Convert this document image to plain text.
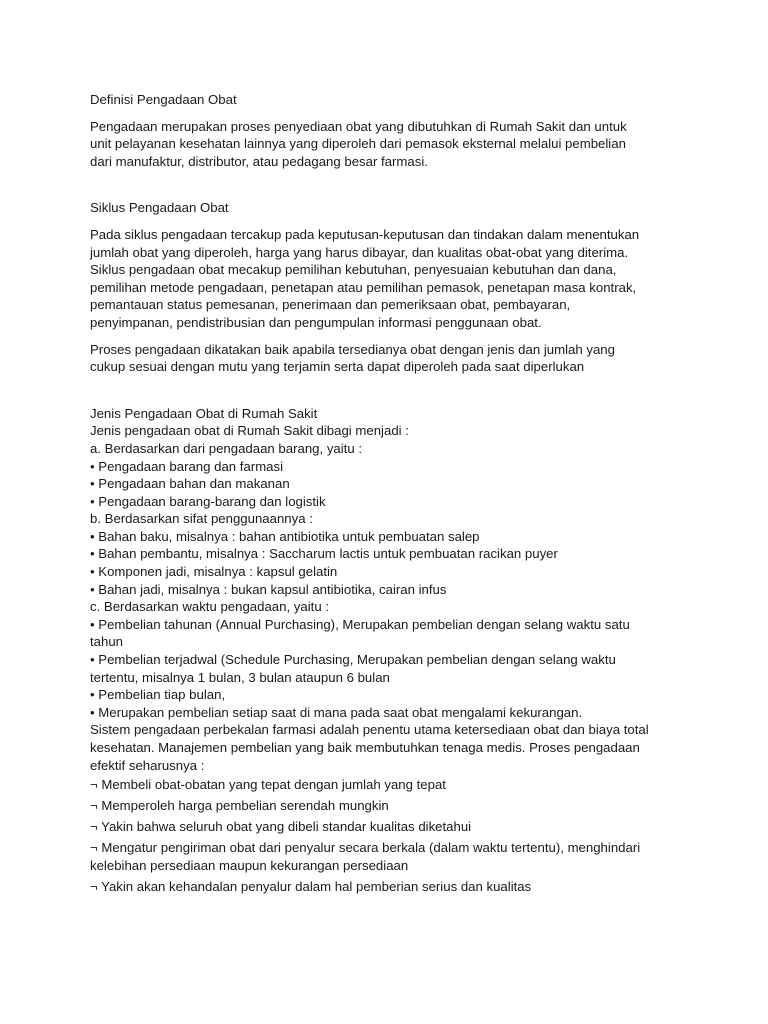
Definisi Pengadaan Obat

Pengadaan merupakan proses penyediaan obat yang dibutuhkan di Rumah Sakit dan untuk
unit pelayanan kesehatan lainnya yang diperoleh dari pemasok eksternal melalui pembelian
dari manufaktur, distributor, atau pedagang besar farmasi.

Siklus Pengadaan Obat

Pada siklus pengadaan tercakup pada keputusan-keputusan dan tindakan dalam menentukan
jumlah obat yang diperoleh, harga yang harus dibayar, dan kualitas obat-obat yang diterima.
Siklus pengadaan obat mecakup pemilihan kebutuhan, penyesuaian kebutuhan dan dana,
pemilihan metode pengadaan, penetapan atau pemilihan pemasok, penetapan masa kontrak,
pemantauan status pemesanan, penerimaan dan pemeriksaan obat, pembayaran,
penyimpanan, pendistribusian dan pengumpulan informasi penggunaan obat.

Proses pengadaan dikatakan baik apabila tersedianya obat dengan jenis dan jumlah yang
cukup sesuai dengan mutu yang terjamin serta dapat diperoleh pada saat diperlukan

Jenis Pengadaan Obat di Rumah Sakit
Jenis pengadaan obat di Rumah Sakit dibagi menjadi :
a. Berdasarkan dari pengadaan barang, yaitu :
• Pengadaan barang dan farmasi
• Pengadaan bahan dan makanan
• Pengadaan barang-barang dan logistik
b. Berdasarkan sifat penggunaannya :
• Bahan baku, misalnya : bahan antibiotika untuk pembuatan salep
• Bahan pembantu, misalnya : Saccharum lactis untuk pembuatan racikan puyer
• Komponen jadi, misalnya : kapsul gelatin
• Bahan jadi, misalnya : bukan kapsul antibiotika, cairan infus
c. Berdasarkan waktu pengadaan, yaitu :
• Pembelian tahunan (Annual Purchasing), Merupakan pembelian dengan selang waktu satu
tahun
• Pembelian terjadwal (Schedule Purchasing, Merupakan pembelian dengan selang waktu
tertentu, misalnya 1 bulan, 3 bulan ataupun 6 bulan
• Pembelian tiap bulan,
• Merupakan pembelian setiap saat di mana pada saat obat mengalami kekurangan.
Sistem pengadaan perbekalan farmasi adalah penentu utama ketersediaan obat dan biaya total
kesehatan. Manajemen pembelian yang baik membutuhkan tenaga medis. Proses pengadaan
efektif seharusnya :
¬ Membeli obat-obatan yang tepat dengan jumlah yang tepat
¬ Memperoleh harga pembelian serendah mungkin
¬ Yakin bahwa seluruh obat yang dibeli standar kualitas diketahui
¬ Mengatur pengiriman obat dari penyalur secara berkala (dalam waktu tertentu), menghindari
kelebihan persediaan maupun kekurangan persediaan
¬ Yakin akan kehandalan penyalur dalam hal pemberian serius dan kualitas
